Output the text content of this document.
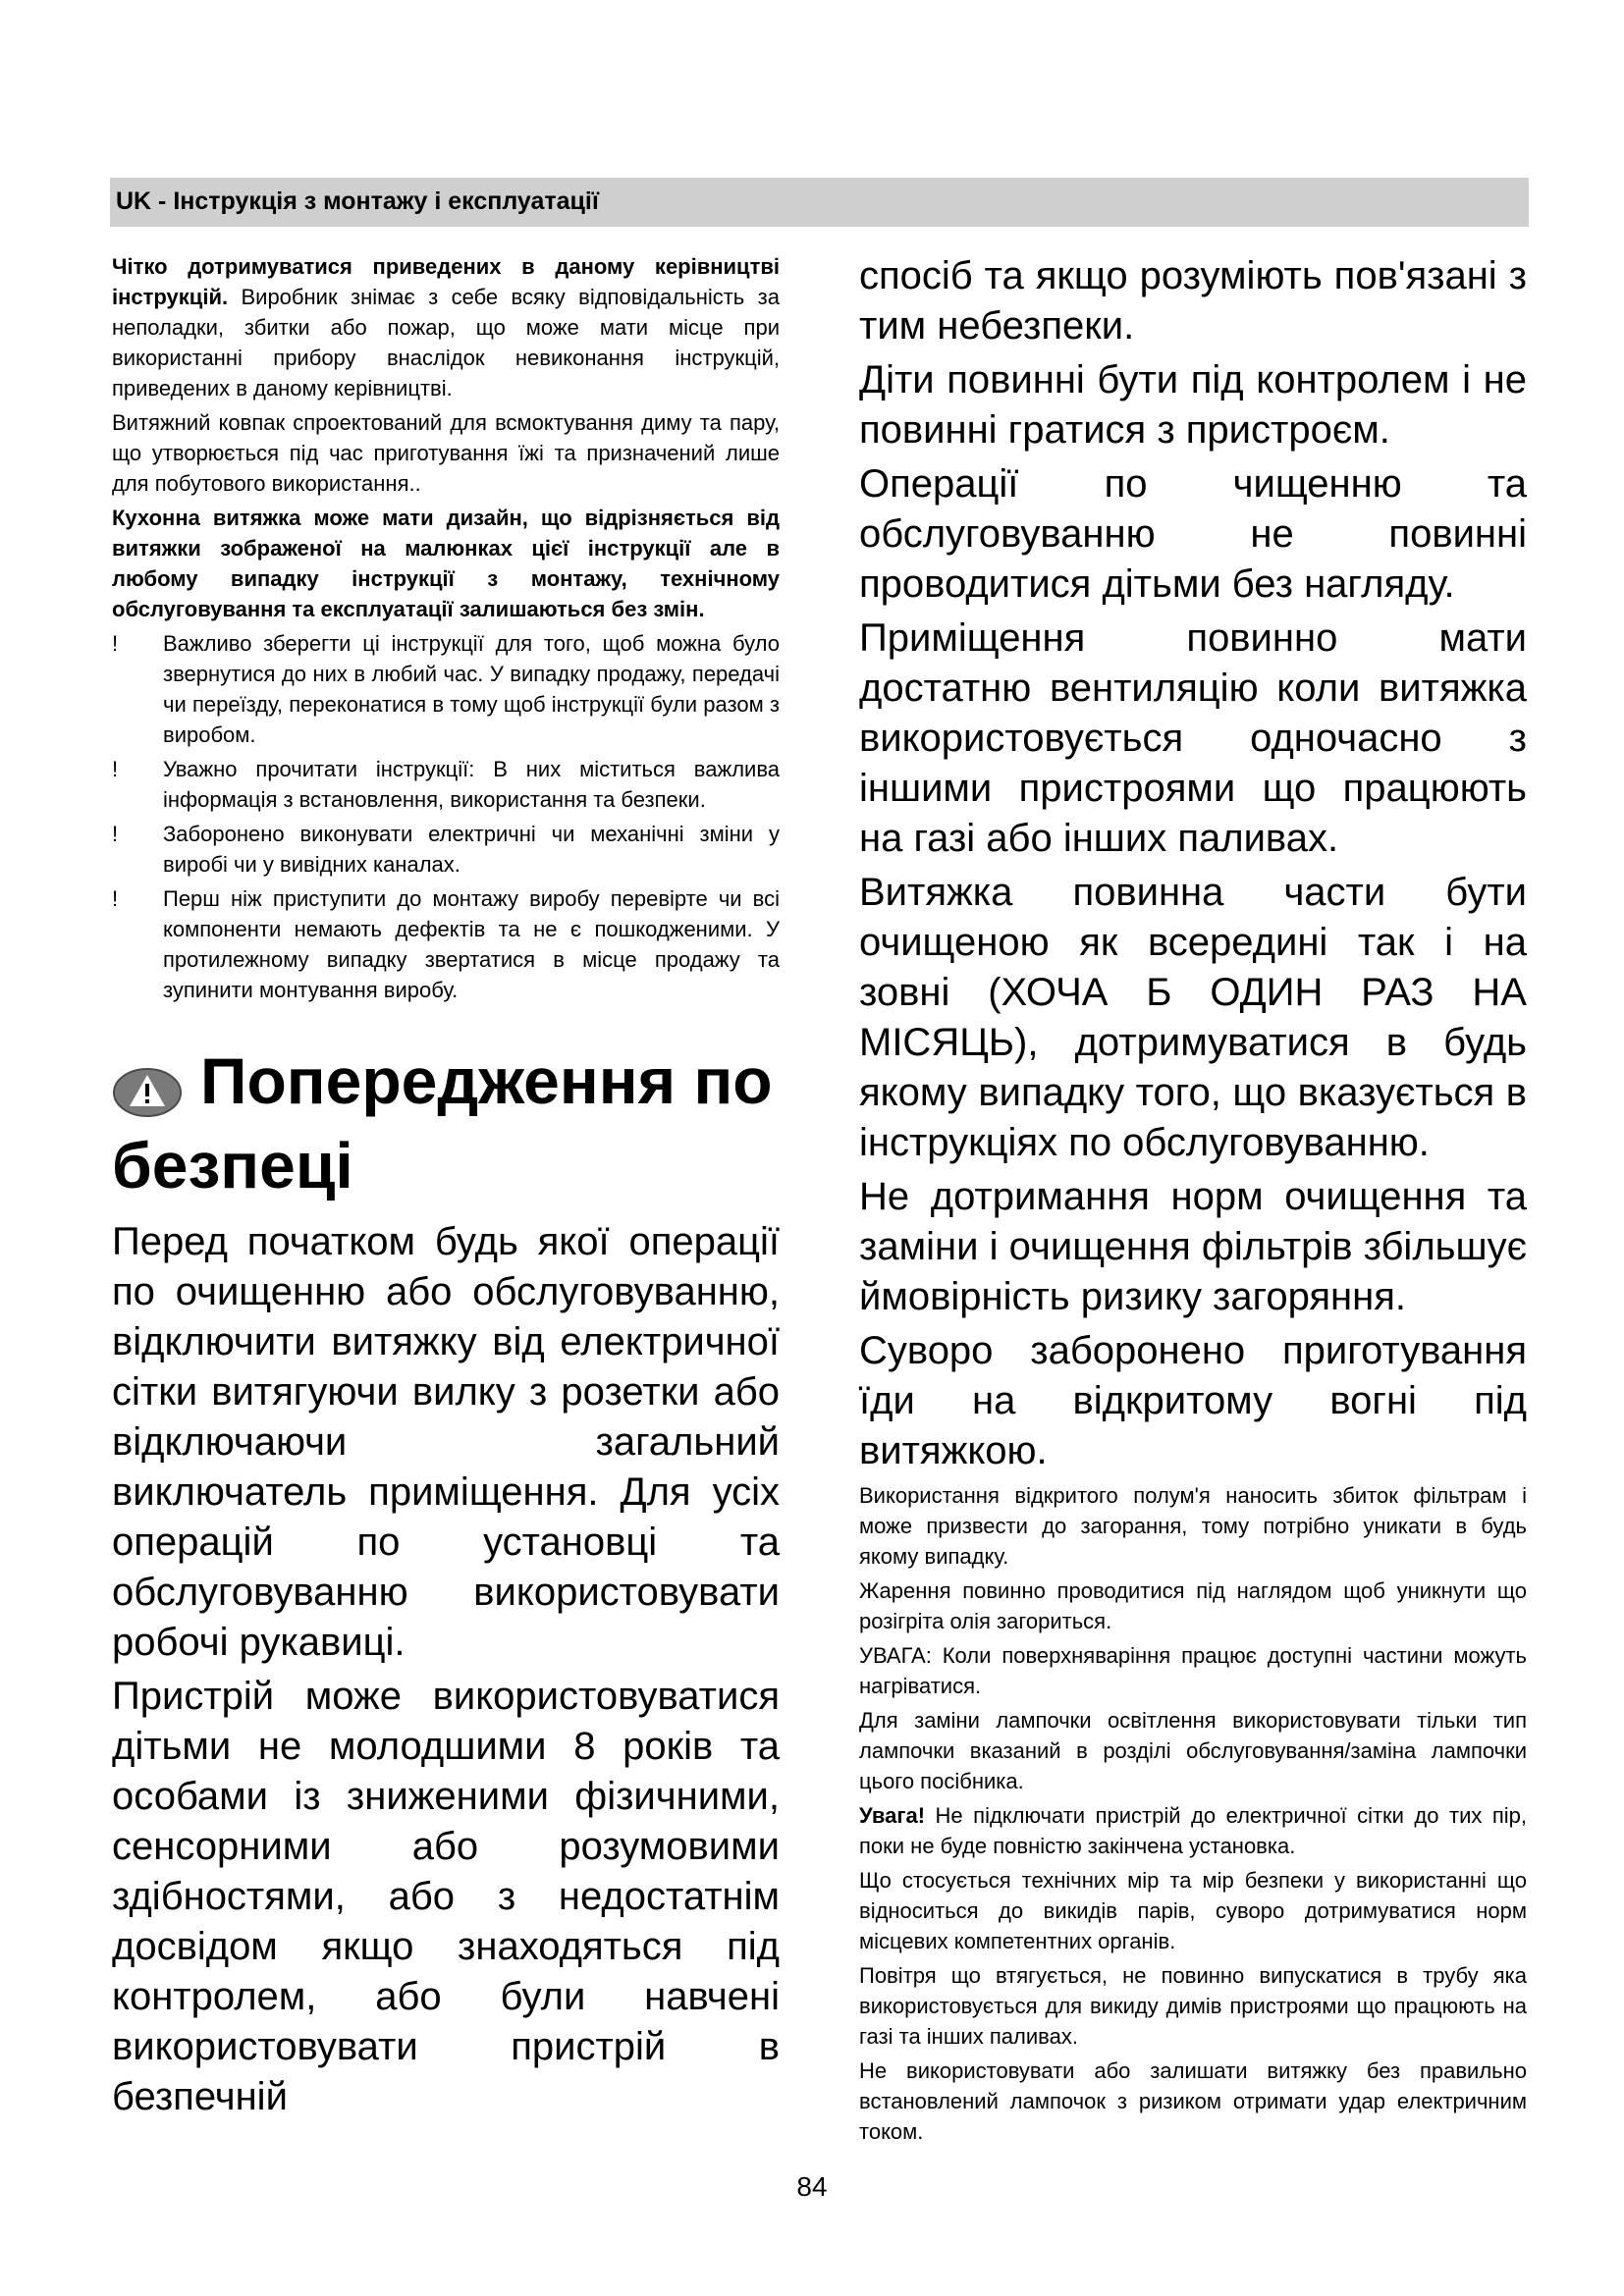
UK - Інструкція з монтажу і експлуатації

Чітко дотримуватися приведених в даному керівництві інструкцій. Виробник знімає з себе всяку відповідальність за неполадки, збитки або пожар, що може мати місце при використанні прибору внаслідок невиконання інструкцій, приведених в даному керівництві.

Витяжний ковпак спроектований для всмоктування диму та пару, що утворюється під час приготування їжі та призначений лише для побутового використання..

Кухонна витяжка може мати дизайн, що відрізняється від витяжки зображеної на малюнках цієї інструкції але в любому випадку інструкції з монтажу, технічному обслуговування та експлуатації залишаються без змін.

! Важливо зберегти ці інструкції для того, щоб можна було звернутися до них в любий час. У випадку продажу, передачі чи переїзду, переконатися в тому щоб інструкції були разом з виробом.
! Уважно прочитати інструкції: В них міститься важлива інформація з встановлення, використання та безпеки.
! Заборонено виконувати електричні чи механічні зміни у виробі чи у вивідних каналах.
! Перш ніж приступити до монтажу виробу перевірте чи всі компоненти немають дефектів та не є пошкодженими. У протилежному випадку звертатися в місце продажу та зупинити монтування виробу.
Попередження по безпеці

Перед початком будь якої операції по очищенню або обслуговуванню, відключити витяжку від електричної сітки витягуючи вилку з розетки або відключаючи загальний виключатель приміщення. Для усіх операцій по установці та обслуговуванню використовувати робочі рукавиці.

Пристрій може використовуватися дітьми не молодшими 8 років та особами із зниженими фізичними, сенсорними або розумовими здібностями, або з недостатнім досвідом якщо знаходяться під контролем, або були навчені використовувати пристрій в безпечній

спосіб та якщо розуміють пов'язані з тим небезпеки.

Діти повинні бути під контролем і не повинні гратися з пристроєм.

Операції по чищенню та обслуговуванню не повинні проводитися дітьми без нагляду.

Приміщення повинно мати достатню вентиляцію коли витяжка використовується одночасно з іншими пристроями що працюють на газі або інших паливах.

Витяжка повинна части бути очищеною як всередині так і на зовні (ХОЧА Б ОДИН РАЗ НА МІСЯЦЬ), дотримуватися в будь якому випадку того, що вказується в інструкціях по обслуговуванню.

Не дотримання норм очищення та заміни і очищення фільтрів збільшує ймовірність ризику загоряння.

Суворо заборонено приготування їди на відкритому вогні під витяжкою.

Використання відкритого полум'я наносить збиток фільтрам і може призвести до загорання, тому потрібно уникати в будь якому випадку.

Жарення повинно проводитися під наглядом щоб уникнути що розігріта олія загориться.

УВАГА: Коли поверхняваріння працює доступні частини можуть нагріватися.

Для заміни лампочки освітлення використовувати тільки тип лампочки вказаний в розділі обслуговування/заміна лампочки цього посібника.

Увага! Не підключати пристрій до електричної сітки до тих пір, поки не буде повністю закінчена установка.

Що стосується технічних мір та мір безпеки у використанні що відноситься до викидів парів, суворо дотримуватися норм місцевих компетентних органів.

Повітря що втягується, не повинно випускатися в трубу яка використовується для викиду димів пристроями що працюють на газі та інших паливах.

Не використовувати або залишати витяжку без правильно встановлений лампочок з ризиком отримати удар електричним током.

84
